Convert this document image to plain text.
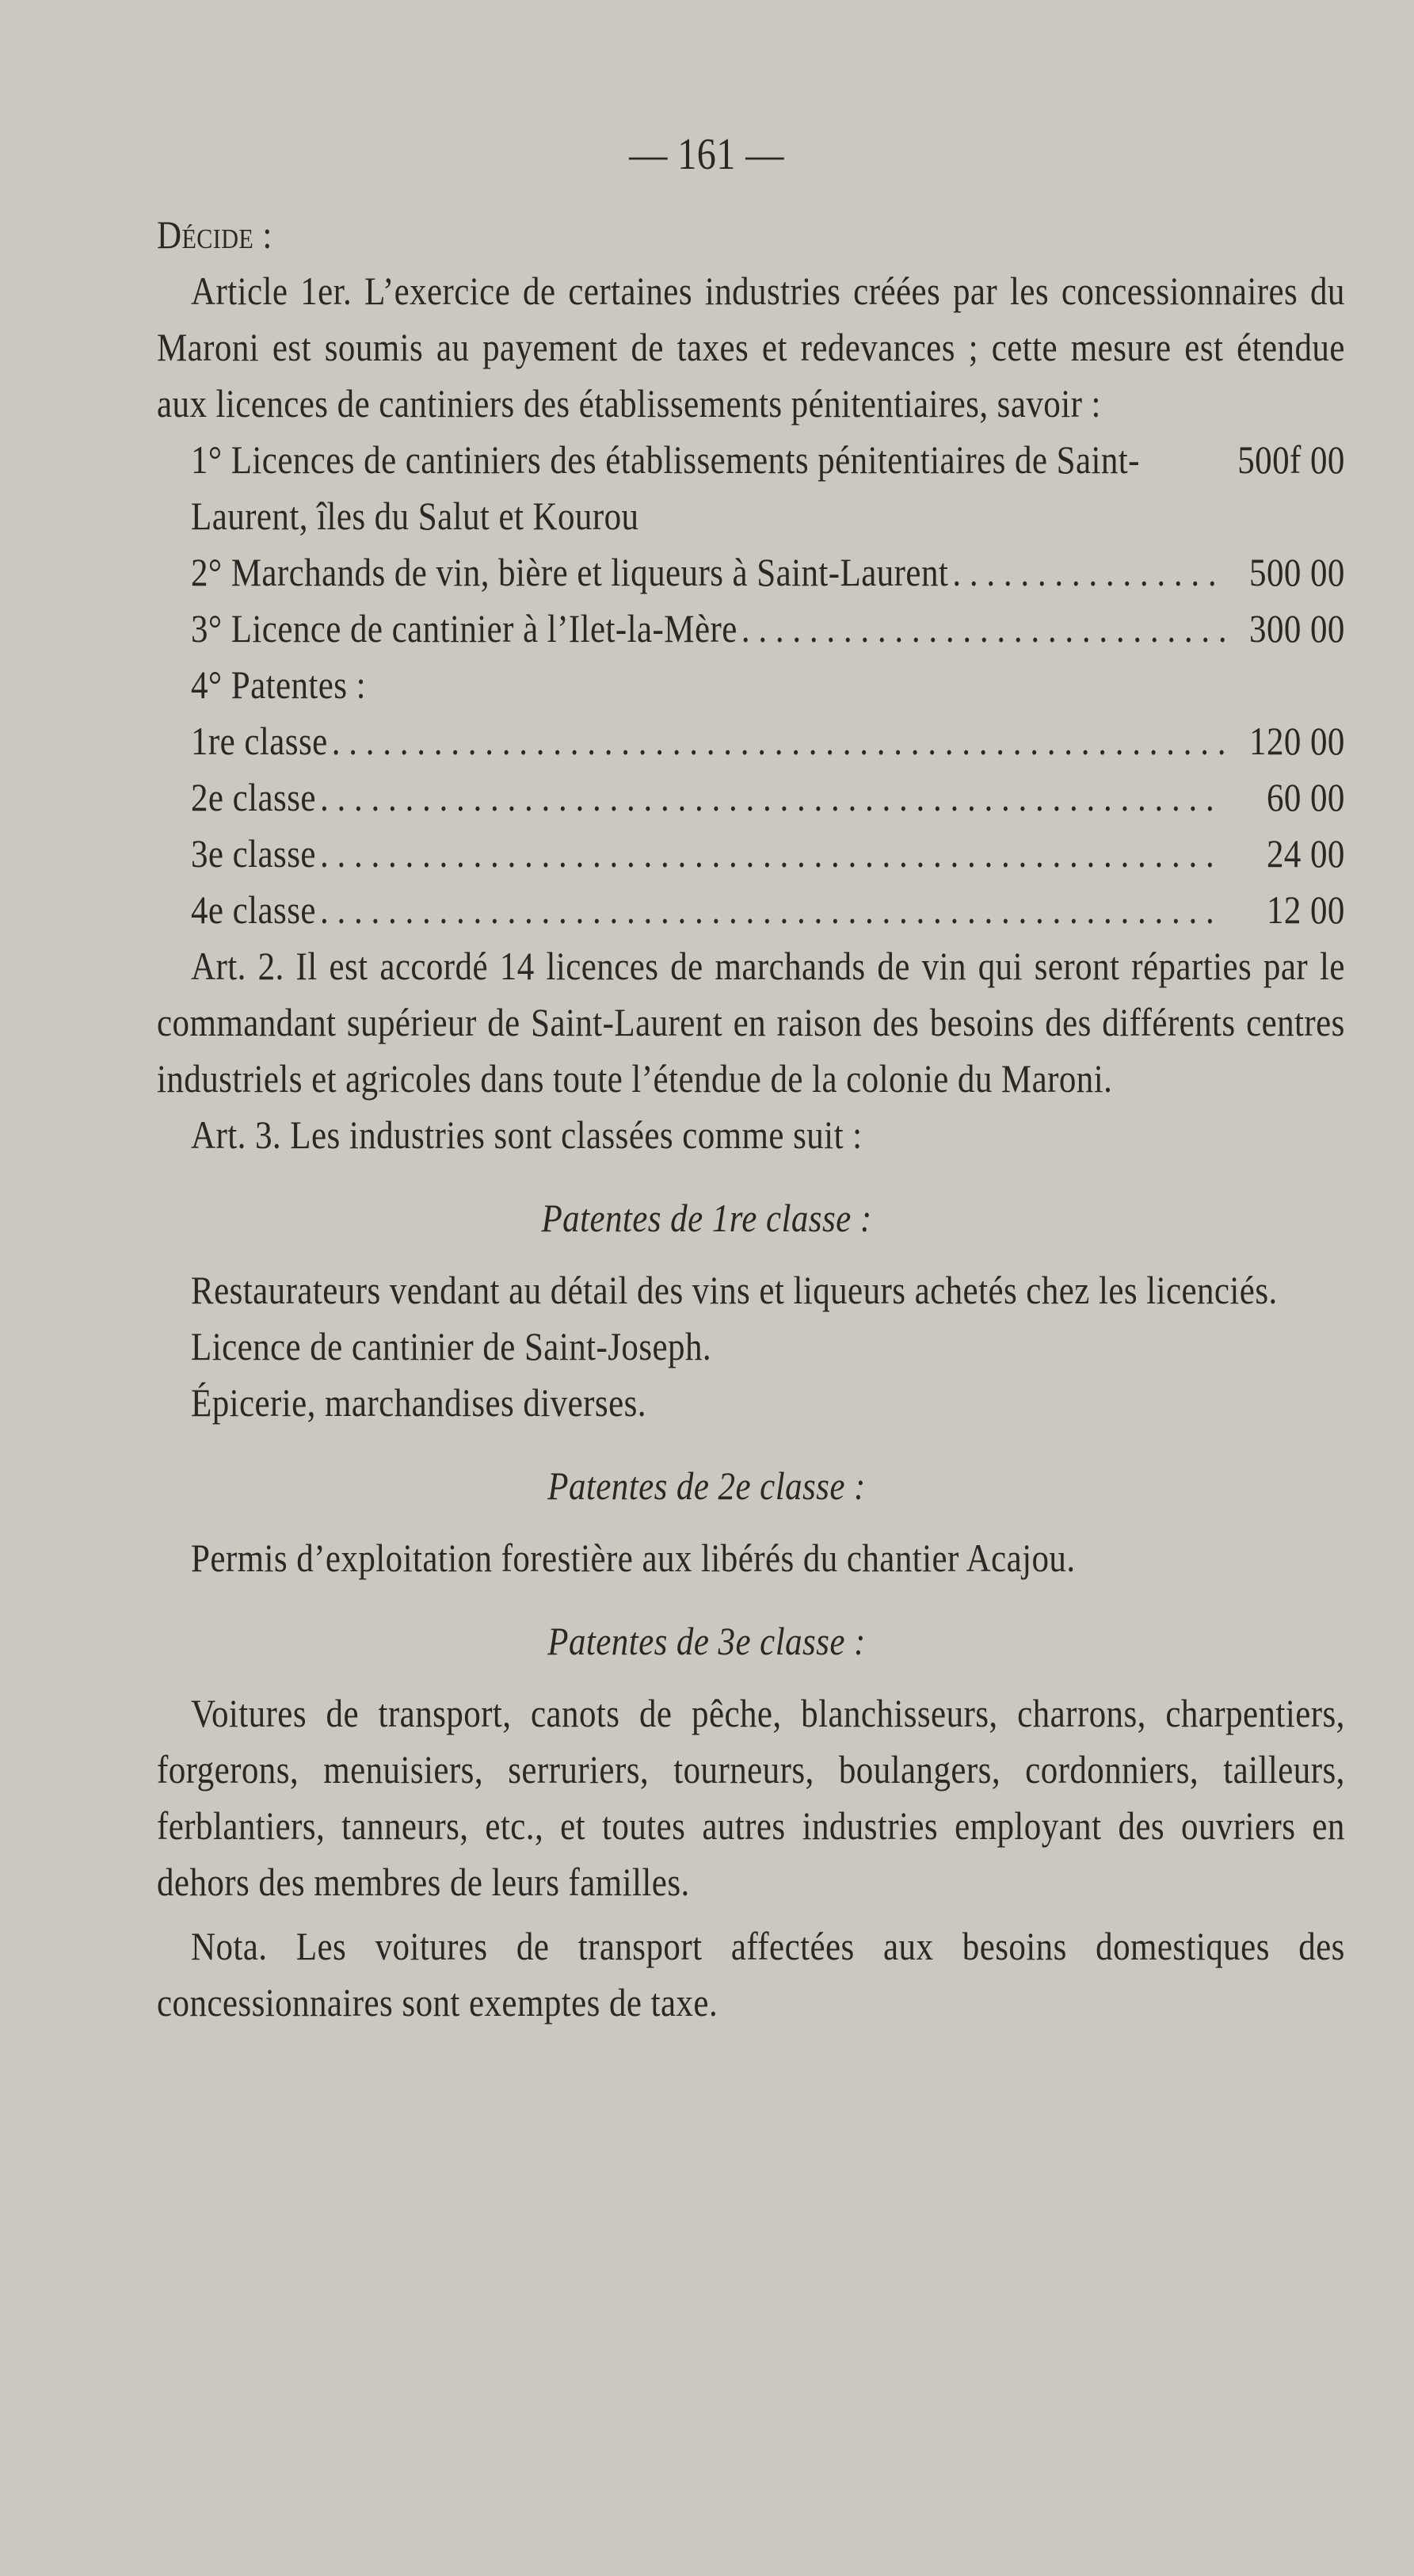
— 161 —

Décide :

Article 1er. L’exercice de certaines industries créées par les concessionnaires du Maroni est soumis au payement de taxes et redevances ; cette mesure est étendue aux licences de cantiniers des établissements pénitentiaires, savoir :

1° Licences de cantiniers des établissements pénitentiaires de Saint-Laurent, îles du Salut et Kourou
500f 00
2° Marchands de vin, bière et liqueurs à Saint-Laurent . . .	500 00
3° Licence de cantinier à l’Ilet-la-Mère . . .	300 00
4° Patentes :
1re classe . . .	120 00
2e classe . . .	60 00
3e classe . . .	24 00
4e classe . . .	12 00

Art. 2. Il est accordé 14 licences de marchands de vin qui seront réparties par le commandant supérieur de Saint-Laurent en raison des besoins des différents centres industriels et agricoles dans toute l’étendue de la colonie du Maroni.

Art. 3. Les industries sont classées comme suit :

Patentes de 1re classe :

Restaurateurs vendant au détail des vins et liqueurs achetés chez les licenciés.

Licence de cantinier de Saint-Joseph.

Épicerie, marchandises diverses.

Patentes de 2e classe :

Permis d’exploitation forestière aux libérés du chantier Acajou.

Patentes de 3e classe :

Voitures de transport, canots de pêche, blanchisseurs, charrons, charpentiers, forgerons, menuisiers, serruriers, tourneurs, boulangers, cordonniers, tailleurs, ferblantiers, tanneurs, etc., et toutes autres industries employant des ouvriers en dehors des membres de leurs familles.

Nota. Les voitures de transport affectées aux besoins domestiques des concessionnaires sont exemptes de taxe.
